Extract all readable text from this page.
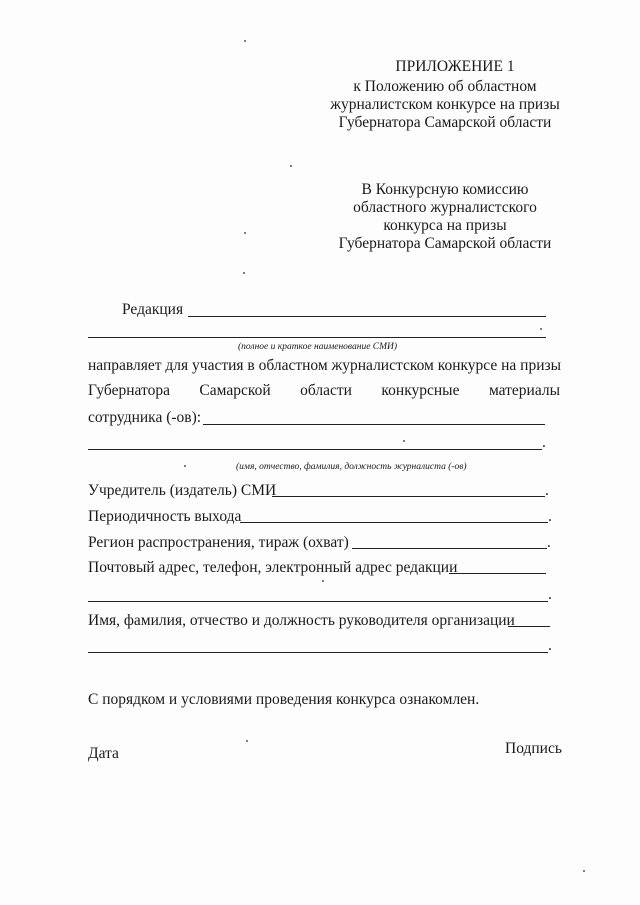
ПРИЛОЖЕНИЕ 1
к Положению об областном
журналистском конкурсе на призы
Губернатора Самарской области
В Конкурсную комиссию
областного журналистского
конкурса на призы
Губернатора Самарской области
Редакция
(полное и краткое наименование СМИ)
направляет для участия в областном журналистском конкурсе на призы
Губернатора Самарской области конкурсные материалы
сотрудника (-ов):
.
(имя, отчество, фамилия, должность журналиста (-ов)
Учредитель (издатель) СМИ	.
Периодичность выхода	.
Регион распространения, тираж (охват)	.
Почтовый адрес, телефон, электронный адрес редакции
.
Имя, фамилия, отчество и должность руководителя организации
.
С порядком и условиями проведения конкурса ознакомлен.
Дата	Подпись
